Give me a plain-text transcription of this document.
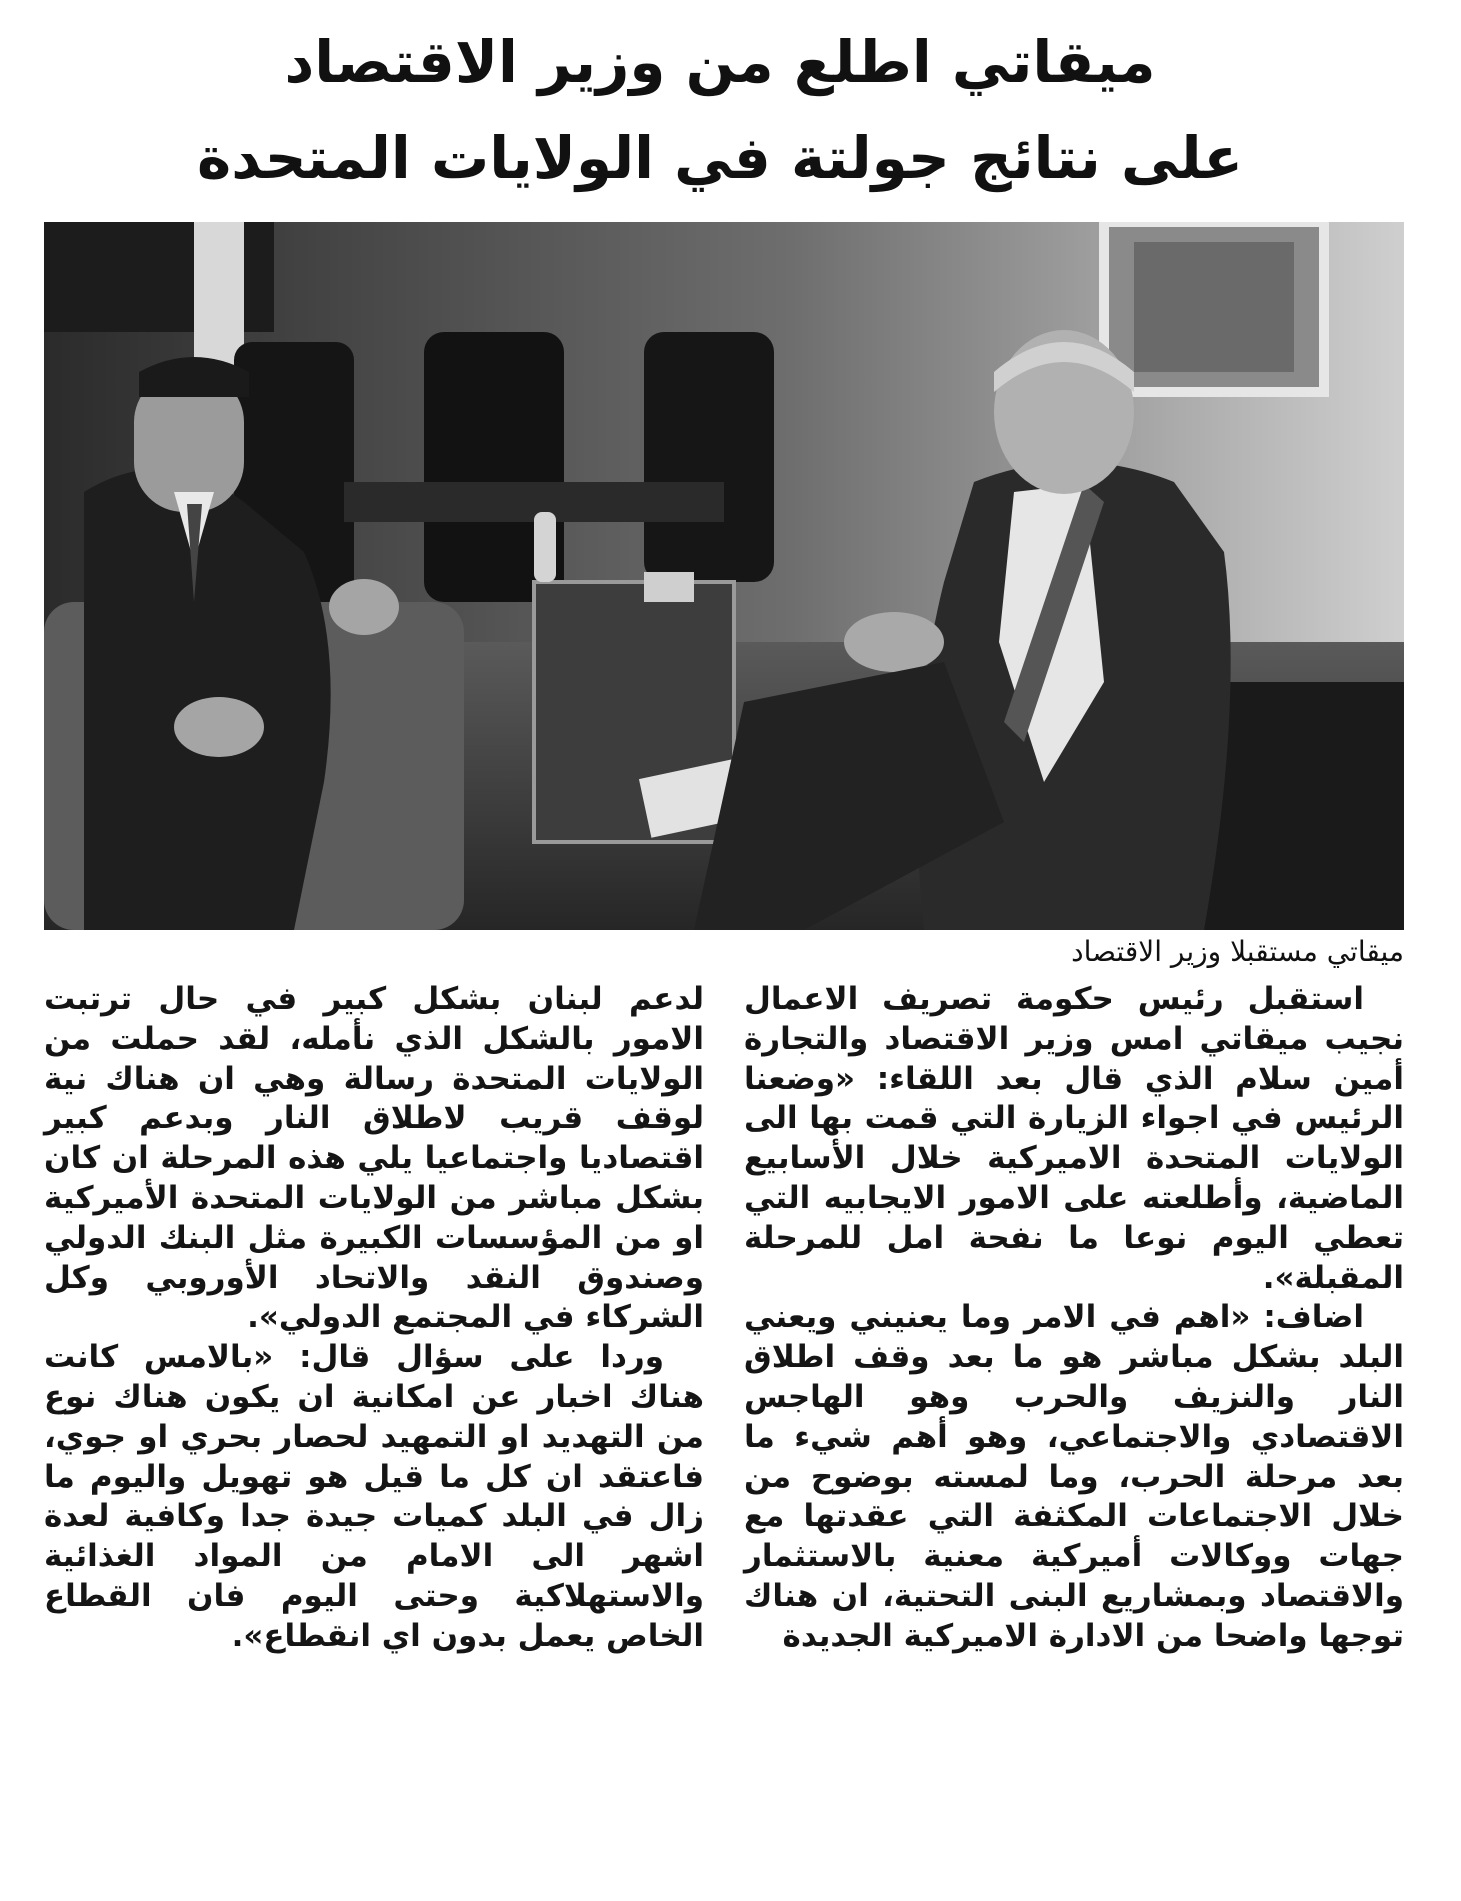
ميقاتي اطلع من وزير الاقتصاد
على نتائج جولتة في الولايات المتحدة
ميقاتي مستقبلا وزير الاقتصاد

استقبل رئيس حكومة تصريف الاعمال نجيب ميقاتي امس وزير الاقتصاد والتجارة أمين سلام الذي قال بعد اللقاء: «وضعنا الرئيس في اجواء الزيارة التي قمت بها الى الولايات المتحدة الاميركية خلال الأسابيع الماضية، وأطلعته على الامور الايجابيه التي تعطي اليوم نوعا ما نفحة امل للمرحلة المقبلة».

اضاف: «اهم في الامر وما يعنيني ويعني البلد بشكل مباشر هو ما بعد وقف اطلاق النار والنزيف والحرب وهو الهاجس الاقتصادي والاجتماعي، وهو أهم شيء ما بعد مرحلة الحرب، وما لمسته بوضوح من خلال الاجتماعات المكثفة التي عقدتها مع جهات ووكالات أميركية معنية بالاستثمار والاقتصاد وبمشاريع البنى التحتية، ان هناك توجها واضحا من الادارة الاميركية الجديدة

لدعم لبنان بشكل كبير في حال ترتبت الامور بالشكل الذي نأمله، لقد حملت من الولايات المتحدة رسالة وهي ان هناك نية لوقف قريب لاطلاق النار وبدعم كبير اقتصاديا واجتماعيا يلي هذه المرحلة ان كان بشكل مباشر من الولايات المتحدة الأميركية او من المؤسسات الكبيرة مثل البنك الدولي وصندوق النقد والاتحاد الأوروبي وكل الشركاء في المجتمع الدولي».

وردا على سؤال قال: «بالامس كانت هناك اخبار عن امكانية ان يكون هناك نوع من التهديد او التمهيد لحصار بحري او جوي، فاعتقد ان كل ما قيل هو تهويل واليوم ما زال في البلد كميات جيدة جدا وكافية لعدة اشهر الى الامام من المواد الغذائية والاستهلاكية وحتى اليوم فان القطاع الخاص يعمل بدون اي انقطاع».
